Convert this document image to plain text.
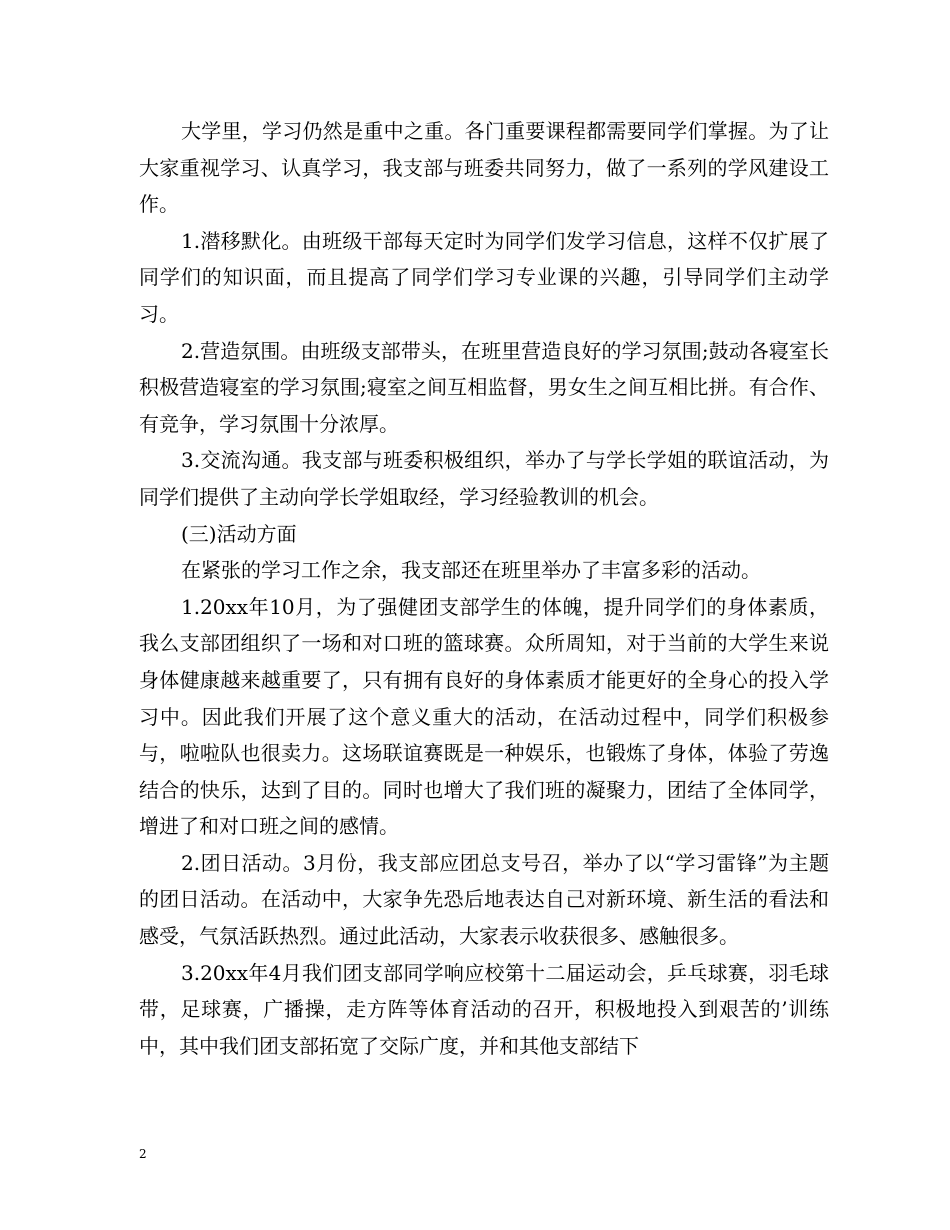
大学里，学习仍然是重中之重。各门重要课程都需要同学们掌握。为了让大家重视学习、认真学习，我支部与班委共同努力，做了一系列的学风建设工作。

1.潜移默化。由班级干部每天定时为同学们发学习信息，这样不仅扩展了同学们的知识面，而且提高了同学们学习专业课的兴趣，引导同学们主动学习。

2.营造氛围。由班级支部带头，在班里营造良好的学习氛围;鼓动各寝室长积极营造寝室的学习氛围;寝室之间互相监督，男女生之间互相比拼。有合作、有竞争，学习氛围十分浓厚。

3.交流沟通。我支部与班委积极组织，举办了与学长学姐的联谊活动，为同学们提供了主动向学长学姐取经，学习经验教训的机会。

(三)活动方面

在紧张的学习工作之余，我支部还在班里举办了丰富多彩的活动。

1.20xx年10月，为了强健团支部学生的体魄，提升同学们的身体素质，我么支部团组织了一场和对口班的篮球赛。众所周知，对于当前的大学生来说身体健康越来越重要了，只有拥有良好的身体素质才能更好的全身心的投入学习中。因此我们开展了这个意义重大的活动，在活动过程中，同学们积极参与，啦啦队也很卖力。这场联谊赛既是一种娱乐，也锻炼了身体，体验了劳逸结合的快乐，达到了目的。同时也增大了我们班的凝聚力，团结了全体同学，增进了和对口班之间的感情。

2.团日活动。3月份，我支部应团总支号召，举办了以“学习雷锋”为主题的团日活动。在活动中，大家争先恐后地表达自己对新环境、新生活的看法和感受，气氛活跃热烈。通过此活动，大家表示收获很多、感触很多。

3.20xx年4月我们团支部同学响应校第十二届运动会，乒乓球赛，羽毛球带，足球赛，广播操，走方阵等体育活动的召开，积极地投入到艰苦的’训练中，其中我们团支部拓宽了交际广度，并和其他支部结下

2
